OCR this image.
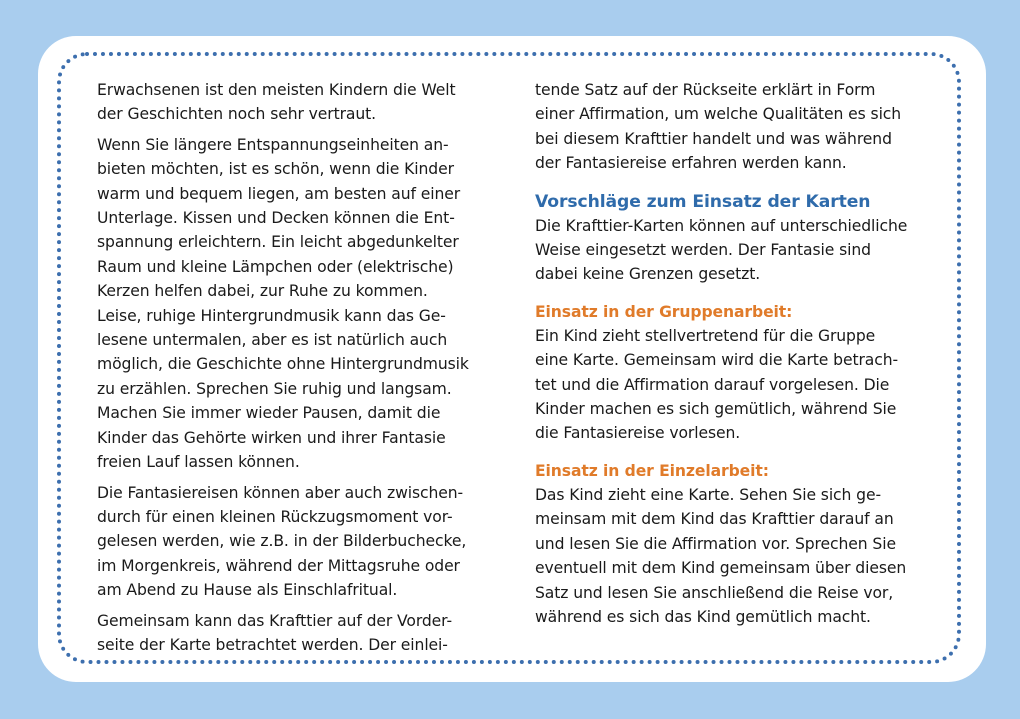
Erwachsenen ist den meisten Kindern die Welt
der Geschichten noch sehr vertraut.

Wenn Sie längere Entspannungseinheiten an-
bieten möchten, ist es schön, wenn die Kinder
warm und bequem liegen, am besten auf einer
Unterlage. Kissen und Decken können die Ent-
spannung erleichtern. Ein leicht abgedunkelter
Raum und kleine Lämpchen oder (elektrische)
Kerzen helfen dabei, zur Ruhe zu kommen.
Leise, ruhige Hintergrundmusik kann das Ge-
lesene untermalen, aber es ist natürlich auch
möglich, die Geschichte ohne Hintergrundmusik
zu erzählen. Sprechen Sie ruhig und langsam.
Machen Sie immer wieder Pausen, damit die
Kinder das Gehörte wirken und ihrer Fantasie
freien Lauf lassen können.

Die Fantasiereisen können aber auch zwischen-
durch für einen kleinen Rückzugsmoment vor-
gelesen werden, wie z.B. in der Bilderbuchecke,
im Morgenkreis, während der Mittagsruhe oder
am Abend zu Hause als Einschlafritual.

Gemeinsam kann das Krafttier auf der Vorder-
seite der Karte betrachtet werden. Der einlei-

tende Satz auf der Rückseite erklärt in Form
einer Affirmation, um welche Qualitäten es sich
bei diesem Krafttier handelt und was während
der Fantasiereise erfahren werden kann.

Vorschläge zum Einsatz der Karten

Die Krafttier-Karten können auf unterschiedliche
Weise eingesetzt werden. Der Fantasie sind
dabei keine Grenzen gesetzt.

Einsatz in der Gruppenarbeit:

Ein Kind zieht stellvertretend für die Gruppe
eine Karte. Gemeinsam wird die Karte betrach-
tet und die Affirmation darauf vorgelesen. Die
Kinder machen es sich gemütlich, während Sie
die Fantasiereise vorlesen.

Einsatz in der Einzelarbeit:

Das Kind zieht eine Karte. Sehen Sie sich ge-
meinsam mit dem Kind das Krafttier darauf an
und lesen Sie die Affirmation vor. Sprechen Sie
eventuell mit dem Kind gemeinsam über diesen
Satz und lesen Sie anschließend die Reise vor,
während es sich das Kind gemütlich macht.
